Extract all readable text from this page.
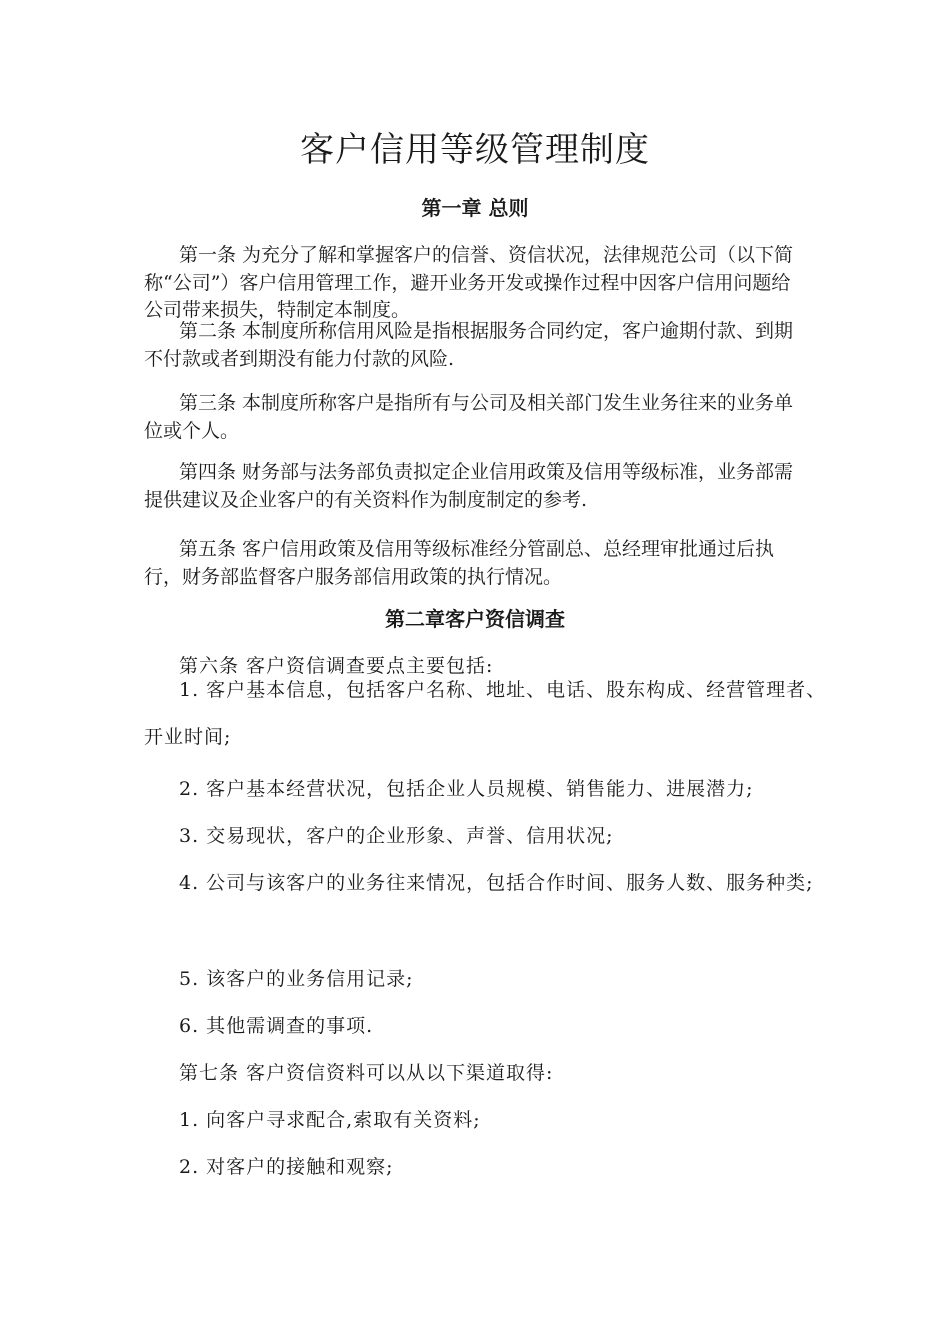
客户信用等级管理制度
第一章 总则

第一条 为充分了解和掌握客户的信誉、资信状况，法律规范公司（以下简称“公司”）客户信用管理工作，避开业务开发或操作过程中因客户信用问题给公司带来损失，特制定本制度。

第二条 本制度所称信用风险是指根据服务合同约定，客户逾期付款、到期不付款或者到期没有能力付款的风险.

第三条 本制度所称客户是指所有与公司及相关部门发生业务往来的业务单位或个人。

第四条 财务部与法务部负责拟定企业信用政策及信用等级标准，业务部需提供建议及企业客户的有关资料作为制度制定的参考.

第五条 客户信用政策及信用等级标准经分管副总、总经理审批通过后执行，财务部监督客户服务部信用政策的执行情况。

第二章客户资信调查

第六条 客户资信调查要点主要包括:

1. 客户基本信息，包括客户名称、地址、电话、股东构成、经营管理者、开业时间;

2. 客户基本经营状况，包括企业人员规模、销售能力、进展潜力;

3. 交易现状，客户的企业形象、声誉、信用状况;

4. 公司与该客户的业务往来情况，包括合作时间、服务人数、服务种类;

5. 该客户的业务信用记录;

6. 其他需调查的事项.

第七条 客户资信资料可以从以下渠道取得:

1. 向客户寻求配合,索取有关资料;

2. 对客户的接触和观察;
